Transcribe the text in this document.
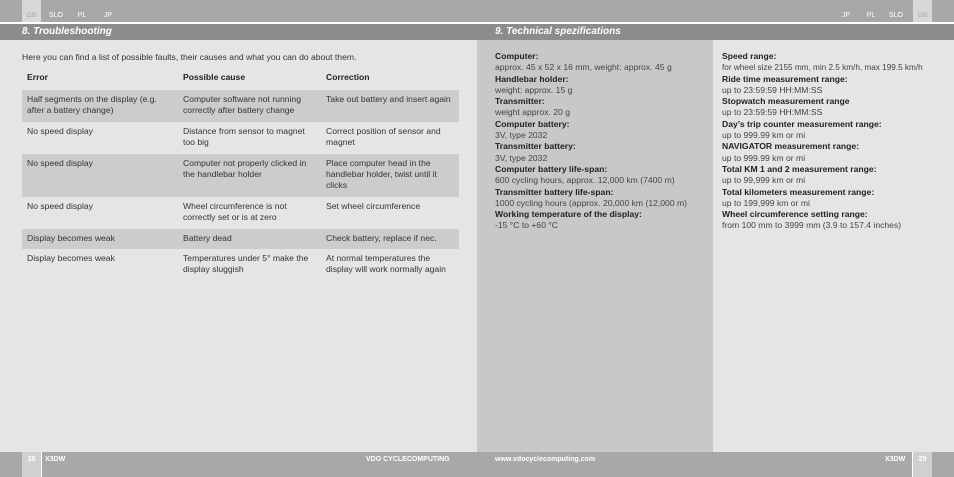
GB	SLO	PL	JP	JP	PL	SLO	GB
8. Troubleshooting	9. Technical spezifications

Here you can find a list of possible faults, their causes and what you can do about them.

Error	Possible cause	Correction
Half segments on the display (e.g. after a battery change)	Computer software not running correctly after battery change	Take out battery and insert again
No speed display	Distance from sensor to magnet too big	Correct position of sensor and magnet
No speed display	Computer not properly clicked in the handlebar holder	Place computer head in the handlebar holder, twist until it clicks
No speed display	Wheel circumference is not correctly set or is at zero	Set wheel circumference
Display becomes weak	Battery dead	Check battery, replace if nec.
Display becomes weak	Temperatures under 5° make the display sluggish	At normal temperatures the display will work normally again
Computer:
approx. 45 x 52 x 16 mm, weight: approx. 45 g
Handlebar holder:
weight: approx. 15 g
Transmitter:
weight approx. 20 g
Computer battery:
3V, type 2032
Transmitter battery:
3V, type 2032
Computer battery life-span:
600 cycling hours, approx. 12,000 km (7400 m)
Transmitter battery life-span:
1000 cycling hours (approx. 20,000 km (12,000 m)
Working temperature of the display:
-15 °C to +60 °C
Speed range:
for wheel size 2155 mm, min 2.5 km/h, max 199.5 km/h
Ride time measurement range:
up to 23:59:59 HH:MM:SS
Stopwatch measurement range
up to 23:59:59 HH:MM:SS
Day’s trip counter measurement range:
up to 999.99 km or mi
NAVIGATOR measurement range:
up to 999.99 km or mi
Total KM 1 and 2 measurement range:
up to 99,999 km or mi
Total kilometers measurement range:
up to 199,999 km or mi
Wheel circumference setting range:
from 100 mm to 3999 mm (3.9 to 157.4 inches)
28	X3DW	VDO CYCLECOMPUTING	www.vdocyclecomputing.com	X3DW	29
